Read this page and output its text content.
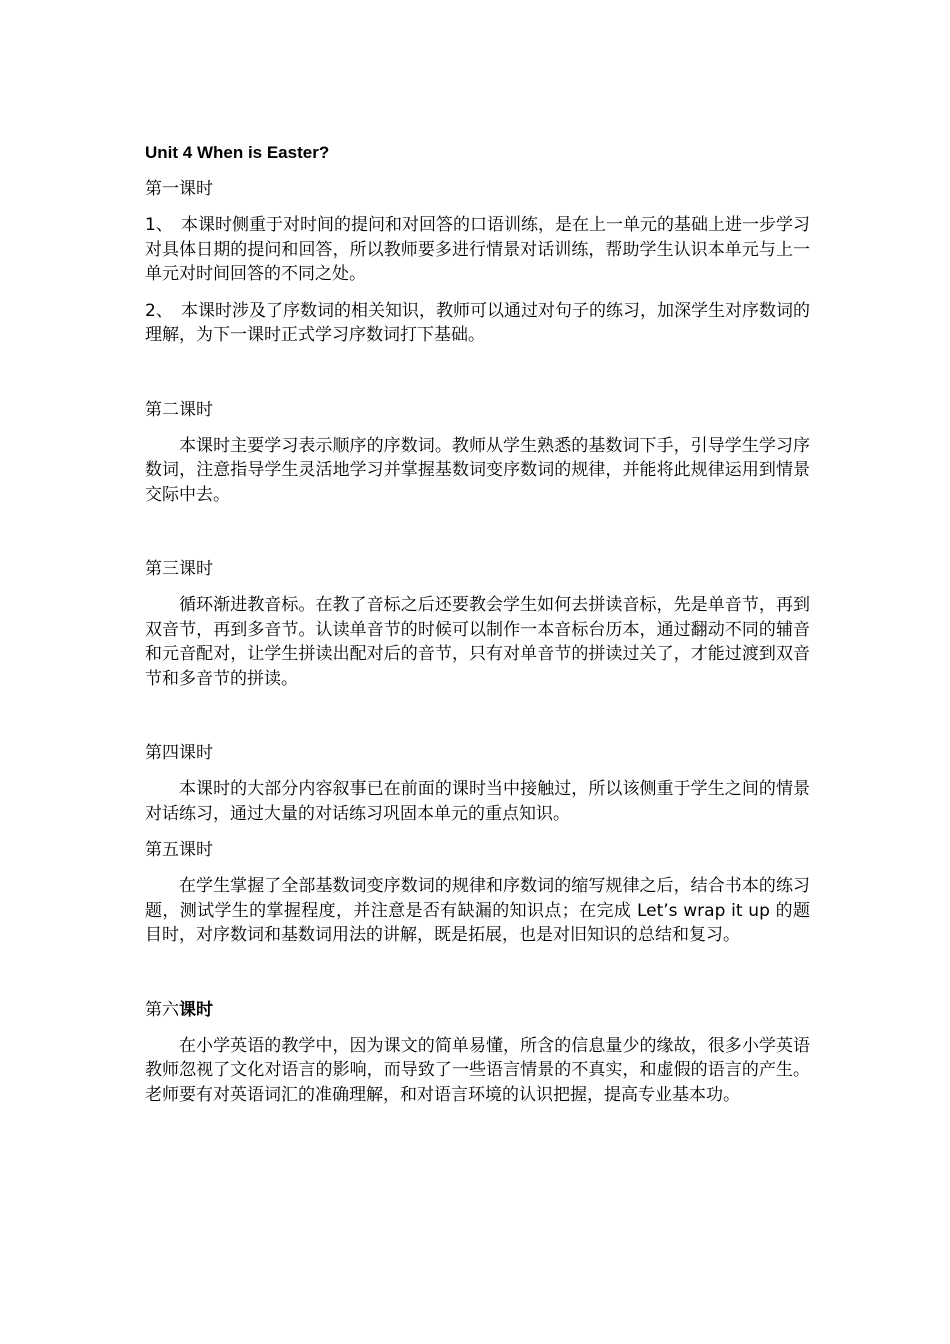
Unit 4 When is Easter?

第一课时

1、 本课时侧重于对时间的提问和对回答的口语训练，是在上一单元的基础上进一步学习对具体日期的提问和回答，所以教师要多进行情景对话训练，帮助学生认识本单元与上一单元对时间回答的不同之处。

2、 本课时涉及了序数词的相关知识，教师可以通过对句子的练习，加深学生对序数词的理解，为下一课时正式学习序数词打下基础。

第二课时

本课时主要学习表示顺序的序数词。教师从学生熟悉的基数词下手，引导学生学习序数词，注意指导学生灵活地学习并掌握基数词变序数词的规律，并能将此规律运用到情景交际中去。

第三课时

循环渐进教音标。在教了音标之后还要教会学生如何去拼读音标，先是单音节，再到双音节，再到多音节。认读单音节的时候可以制作一本音标台历本，通过翻动不同的辅音和元音配对，让学生拼读出配对后的音节，只有对单音节的拼读过关了，才能过渡到双音节和多音节的拼读。

第四课时

本课时的大部分内容叙事已在前面的课时当中接触过，所以该侧重于学生之间的情景对话练习，通过大量的对话练习巩固本单元的重点知识。

第五课时

在学生掌握了全部基数词变序数词的规律和序数词的缩写规律之后，结合书本的练习题，测试学生的掌握程度，并注意是否有缺漏的知识点；在完成 Let’s wrap it up 的题目时，对序数词和基数词用法的讲解，既是拓展，也是对旧知识的总结和复习。

第六课时

在小学英语的教学中，因为课文的简单易懂，所含的信息量少的缘故，很多小学英语教师忽视了文化对语言的影响，而导致了一些语言情景的不真实，和虚假的语言的产生。老师要有对英语词汇的准确理解，和对语言环境的认识把握，提高专业基本功。
